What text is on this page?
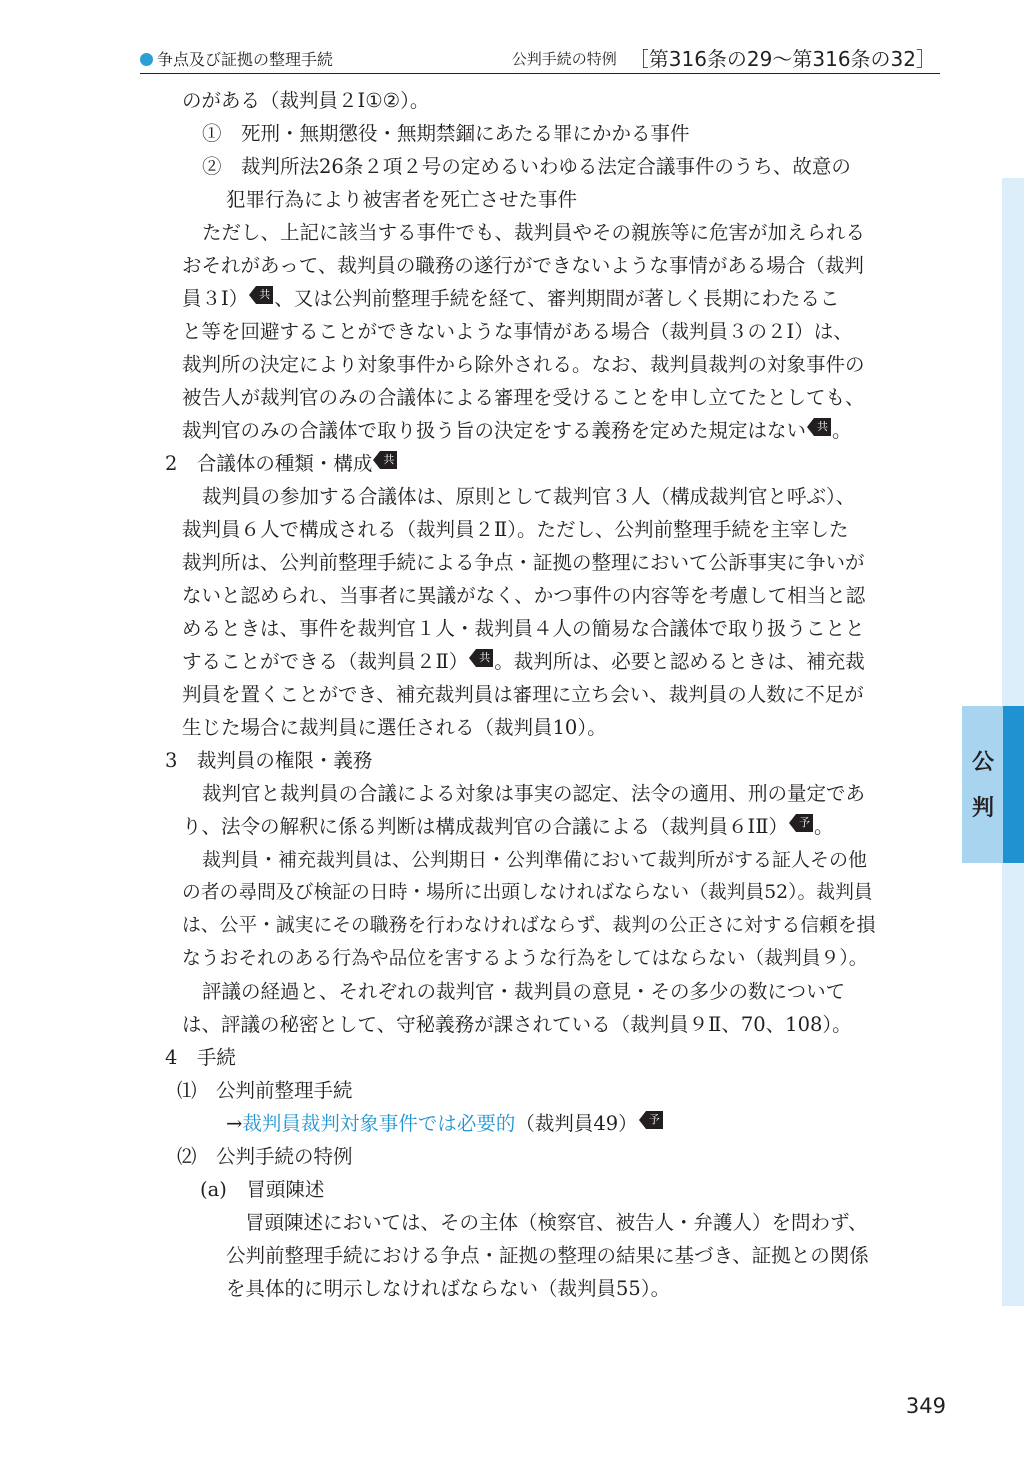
争点及び証拠の整理手続	公判手続の特例 ［第316条の29～第316条の32］
のがある（裁判員２Ⅰ①②）。
①　死刑・無期懲役・無期禁錮にあたる罪にかかる事件
②　裁判所法26条２項２号の定めるいわゆる法定合議事件のうち、故意の
犯罪行為により被害者を死亡させた事件
ただし、上記に該当する事件でも、裁判員やその親族等に危害が加えられる
おそれがあって、裁判員の職務の遂行ができないような事情がある場合（裁判
員３Ⅰ） 共 、又は公判前整理手続を経て、審判期間が著しく長期にわたるこ
と等を回避することができないような事情がある場合（裁判員３の２Ⅰ）は、
裁判所の決定により対象事件から除外される。なお、裁判員裁判の対象事件の
被告人が裁判官のみの合議体による審理を受けることを申し立てたとしても、
裁判官のみの合議体で取り扱う旨の決定をする義務を定めた規定はない 共 。
2　合議体の種類・構成 共
裁判員の参加する合議体は、原則として裁判官３人（構成裁判官と呼ぶ）、
裁判員６人で構成される（裁判員２Ⅱ）。ただし、公判前整理手続を主宰した
裁判所は、公判前整理手続による争点・証拠の整理において公訴事実に争いが
ないと認められ、当事者に異議がなく、かつ事件の内容等を考慮して相当と認
めるときは、事件を裁判官１人・裁判員４人の簡易な合議体で取り扱うことと
することができる（裁判員２Ⅱ） 共 。裁判所は、必要と認めるときは、補充裁
判員を置くことができ、補充裁判員は審理に立ち会い、裁判員の人数に不足が
生じた場合に裁判員に選任される（裁判員10）。
3　裁判員の権限・義務
裁判官と裁判員の合議による対象は事実の認定、法令の適用、刑の量定であ
り、法令の解釈に係る判断は構成裁判官の合議による（裁判員６ⅠⅡ） 予 。
裁判員・補充裁判員は、公判期日・公判準備において裁判所がする証人その他
の者の尋問及び検証の日時・場所に出頭しなければならない（裁判員52）。裁判員
は、公平・誠実にその職務を行わなければならず、裁判の公正さに対する信頼を損
なうおそれのある行為や品位を害するような行為をしてはならない（裁判員９）。
評議の経過と、それぞれの裁判官・裁判員の意見・その多少の数について
は、評議の秘密として、守秘義務が課されている（裁判員９Ⅱ、70、108）。
4　手続
⑴　公判前整理手続
→裁判員裁判対象事件では必要的（裁判員49） 予
⑵　公判手続の特例
(a)　冒頭陳述
冒頭陳述においては、その主体（検察官、被告人・弁護人）を問わず、
公判前整理手続における争点・証拠の整理の結果に基づき、証拠との関係
を具体的に明示しなければならない（裁判員55）。
公判
349
